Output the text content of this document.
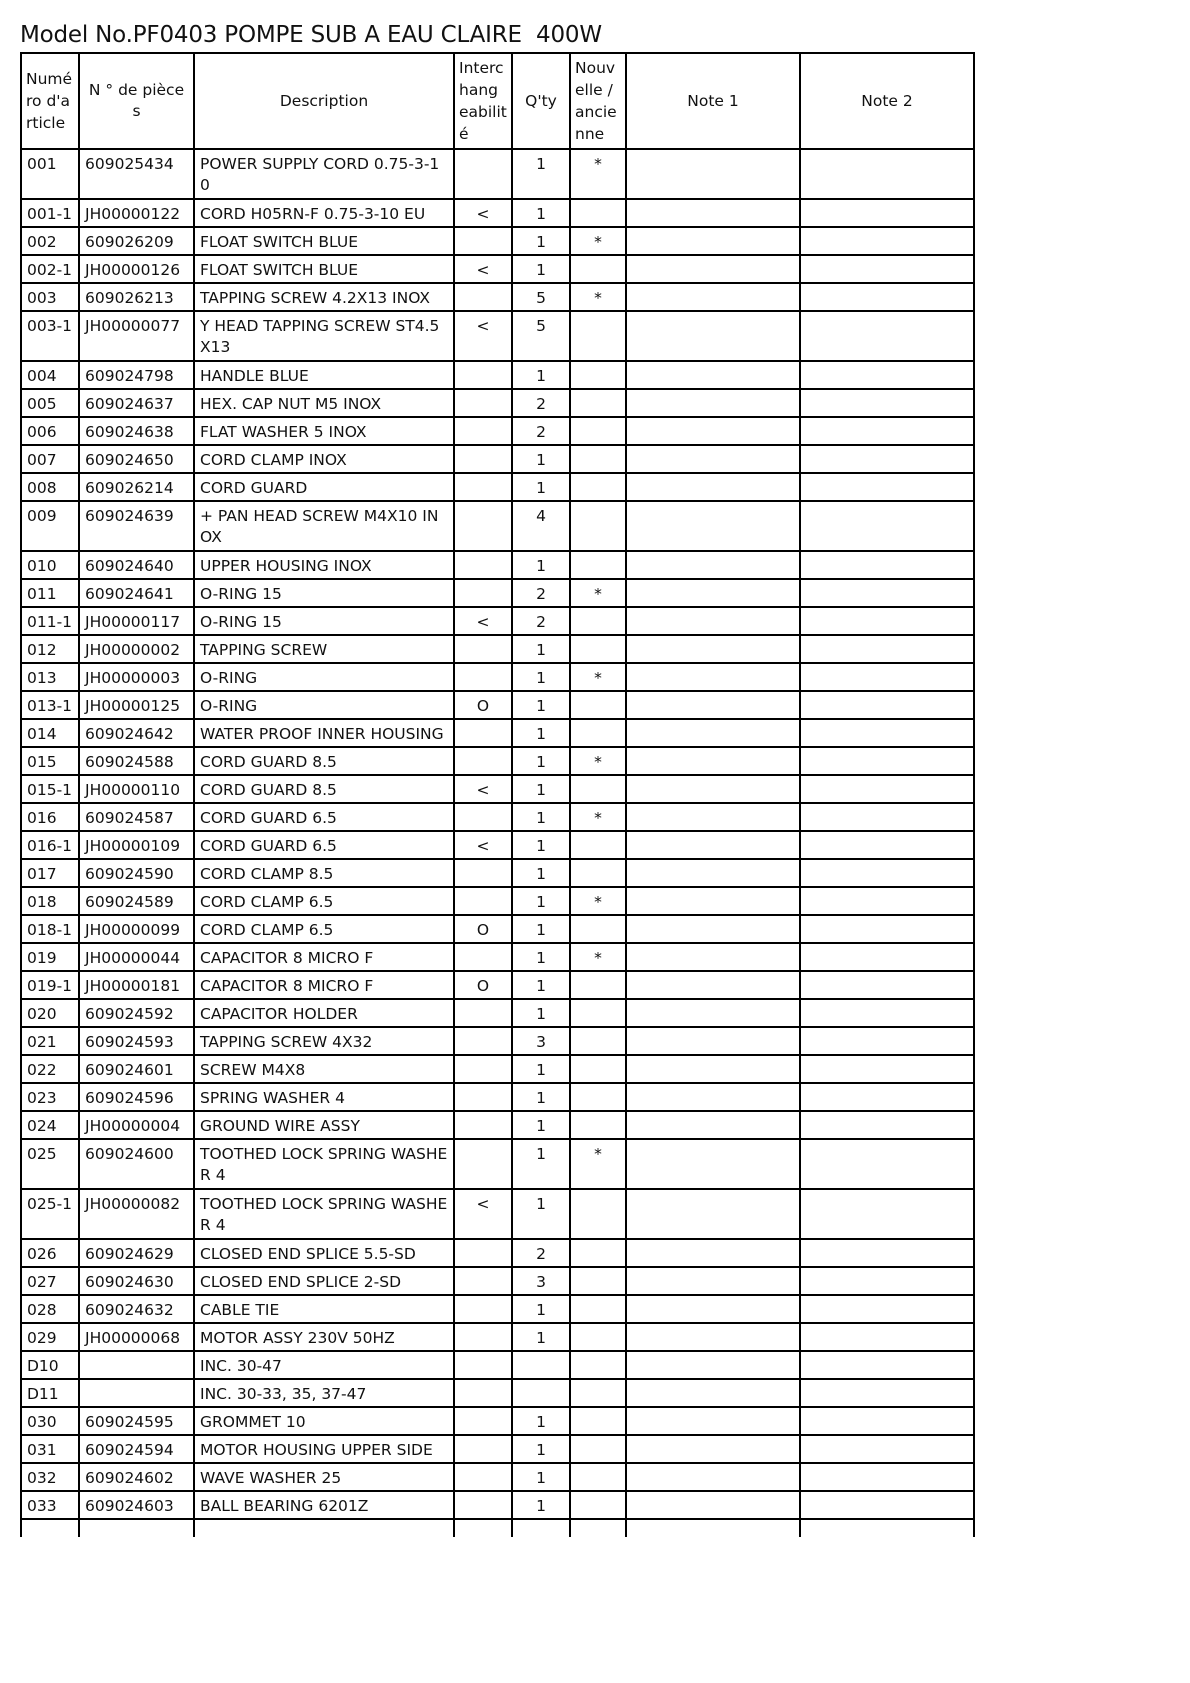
Model No.PF0403 POMPE SUB A EAU CLAIRE  400W
Numéro d'article	N ° de pièces	Description	Interchangeabilité	Q'ty	Nouvelle / ancienne	Note 1	Note 2
001	609025434	POWER SUPPLY CORD 0.75-3-10		1	*		
001-1	JH00000122	CORD H05RN-F 0.75-3-10 EU	<	1			
002	609026209	FLOAT SWITCH BLUE		1	*		
002-1	JH00000126	FLOAT SWITCH BLUE	<	1			
003	609026213	TAPPING SCREW 4.2X13 INOX		5	*		
003-1	JH00000077	Y HEAD TAPPING SCREW ST4.5X13	<	5			
004	609024798	HANDLE BLUE		1			
005	609024637	HEX. CAP NUT M5 INOX		2			
006	609024638	FLAT WASHER 5 INOX		2			
007	609024650	CORD CLAMP INOX		1			
008	609026214	CORD GUARD		1			
009	609024639	+ PAN HEAD SCREW M4X10 INOX		4			
010	609024640	UPPER HOUSING INOX		1			
011	609024641	O-RING 15		2	*		
011-1	JH00000117	O-RING 15	<	2			
012	JH00000002	TAPPING SCREW		1			
013	JH00000003	O-RING		1	*		
013-1	JH00000125	O-RING	O	1			
014	609024642	WATER PROOF INNER HOUSING		1			
015	609024588	CORD GUARD 8.5		1	*		
015-1	JH00000110	CORD GUARD 8.5	<	1			
016	609024587	CORD GUARD 6.5		1	*		
016-1	JH00000109	CORD GUARD 6.5	<	1			
017	609024590	CORD CLAMP 8.5		1			
018	609024589	CORD CLAMP 6.5		1	*		
018-1	JH00000099	CORD CLAMP 6.5	O	1			
019	JH00000044	CAPACITOR 8 MICRO F		1	*		
019-1	JH00000181	CAPACITOR 8 MICRO F	O	1			
020	609024592	CAPACITOR HOLDER		1			
021	609024593	TAPPING SCREW 4X32		3			
022	609024601	SCREW M4X8		1			
023	609024596	SPRING WASHER 4		1			
024	JH00000004	GROUND WIRE ASSY		1			
025	609024600	TOOTHED LOCK SPRING WASHER 4		1	*		
025-1	JH00000082	TOOTHED LOCK SPRING WASHER 4	<	1			
026	609024629	CLOSED END SPLICE 5.5-SD		2			
027	609024630	CLOSED END SPLICE 2-SD		3			
028	609024632	CABLE TIE		1			
029	JH00000068	MOTOR ASSY 230V 50HZ		1			
D10		INC. 30-47					
D11		INC. 30-33, 35, 37-47					
030	609024595	GROMMET 10		1			
031	609024594	MOTOR HOUSING UPPER SIDE		1			
032	609024602	WAVE WASHER 25		1			
033	609024603	BALL BEARING 6201Z		1			
